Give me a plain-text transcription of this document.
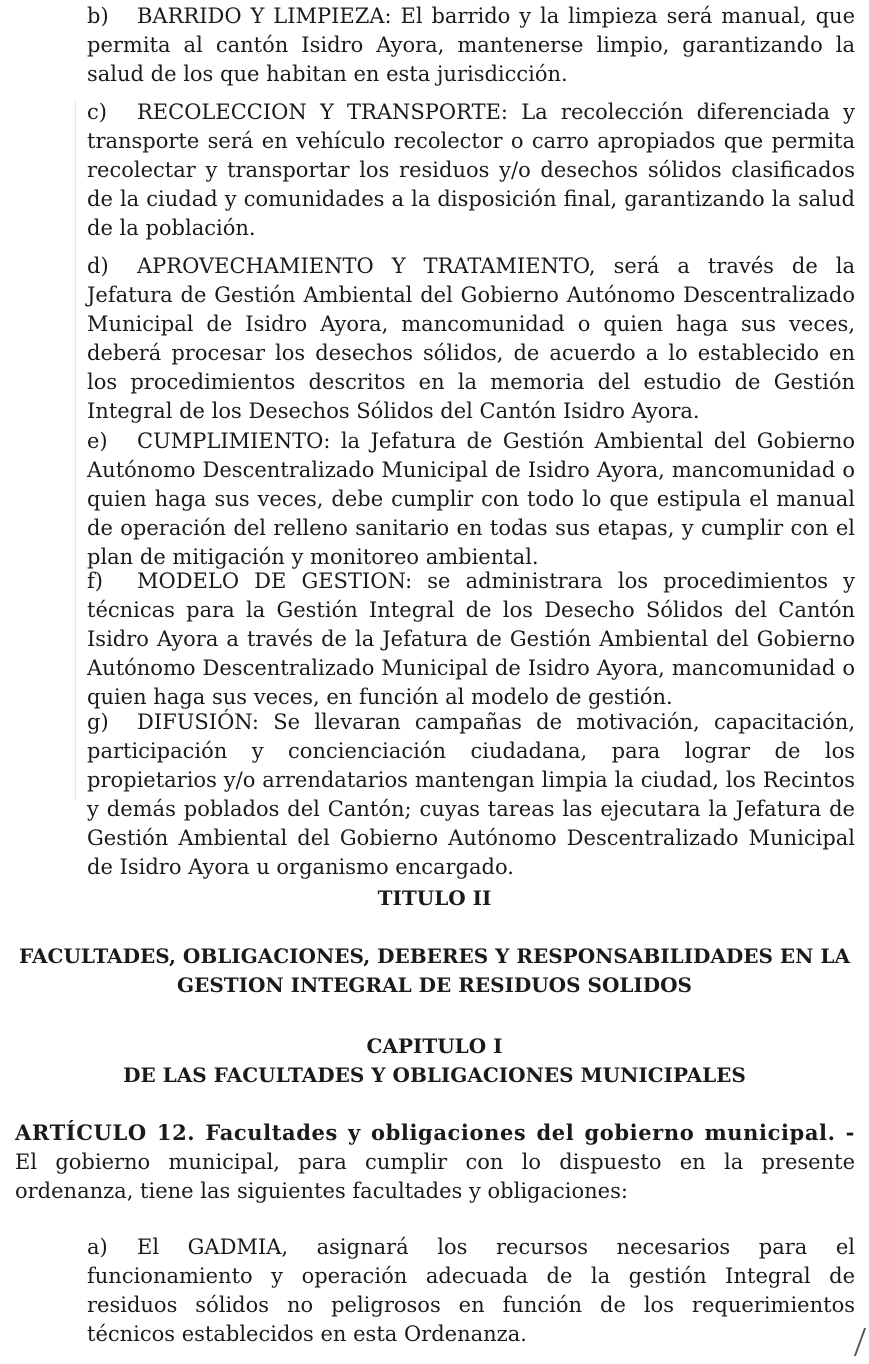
b) BARRIDO Y LIMPIEZA: El barrido y la limpieza será manual, que permita al cantón Isidro Ayora, mantenerse limpio, garantizando la salud de los que habitan en esta jurisdicción.

c) RECOLECCION Y TRANSPORTE: La recolección diferenciada y transporte será en vehículo recolector o carro apropiados que permita recolectar y transportar los residuos y/o desechos sólidos clasificados de la ciudad y comunidades a la disposición final, garantizando la salud de la población.

d) APROVECHAMIENTO Y TRATAMIENTO, será a través de la Jefatura de Gestión Ambiental del Gobierno Autónomo Descentralizado Municipal de Isidro Ayora, mancomunidad o quien haga sus veces, deberá procesar los desechos sólidos, de acuerdo a lo establecido en los procedimientos descritos en la memoria del estudio de Gestión Integral de los Desechos Sólidos del Cantón Isidro Ayora.

e) CUMPLIMIENTO: la Jefatura de Gestión Ambiental del Gobierno Autónomo Descentralizado Municipal de Isidro Ayora, mancomunidad o quien haga sus veces, debe cumplir con todo lo que estipula el manual de operación del relleno sanitario en todas sus etapas, y cumplir con el plan de mitigación y monitoreo ambiental.

f) MODELO DE GESTION: se administrara los procedimientos y técnicas para la Gestión Integral de los Desecho Sólidos del Cantón Isidro Ayora a través de la Jefatura de Gestión Ambiental del Gobierno Autónomo Descentralizado Municipal de Isidro Ayora, mancomunidad o quien haga sus veces, en función al modelo de gestión.

g) DIFUSIÓN: Se llevaran campañas de motivación, capacitación, participación y concienciación ciudadana, para lograr de los propietarios y/o arrendatarios mantengan limpia la ciudad, los Recintos y demás poblados del Cantón; cuyas tareas las ejecutara la Jefatura de Gestión Ambiental del Gobierno Autónomo Descentralizado Municipal de Isidro Ayora u organismo encargado.

TITULO II
FACULTADES, OBLIGACIONES, DEBERES Y RESPONSABILIDADES EN LA
GESTION INTEGRAL DE RESIDUOS SOLIDOS
CAPITULO I
DE LAS FACULTADES Y OBLIGACIONES MUNICIPALES

ARTÍCULO 12. Facultades y obligaciones del gobierno municipal. - El gobierno municipal, para cumplir con lo dispuesto en la presente ordenanza, tiene las siguientes facultades y obligaciones:

a) El GADMIA, asignará los recursos necesarios para el funcionamiento y operación adecuada de la gestión Integral de residuos sólidos no peligrosos en función de los requerimientos técnicos establecidos en esta Ordenanza.
